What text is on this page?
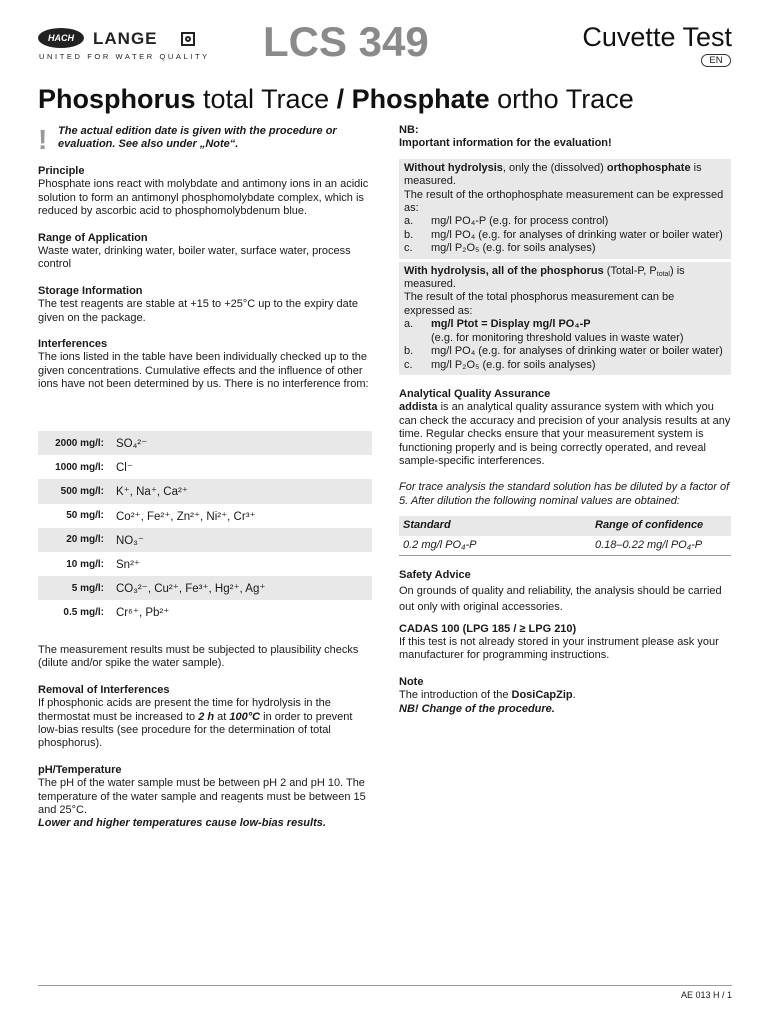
HACH LANGE
UNITED FOR WATER QUALITY LCS 349	Cuvette Test
EN
Phosphorus total Trace / Phosphate ortho Trace
! The actual edition date is given with the procedure or evaluation. See also under „Note“.

Principle

Phosphate ions react with molybdate and antimony ions in an acidic solution to form an antimonyl phosphomolybdate complex, which is reduced by ascorbic acid to phosphomolybdenum blue.

Range of Application

Waste water, drinking water, boiler water, surface water, process control

Storage Information

The test reagents are stable at +15 to +25°C up to the expiry date given on the package.

Interferences

The ions listed in the table have been individually checked up to the given concentrations. Cumulative effects and the influence of other ions have not been determined by us. There is no interference from:

2000 mg/l: SO₄²⁻
1000 mg/l: Cl⁻
500 mg/l: K⁺, Na⁺, Ca²⁺
50 mg/l: Co²⁺, Fe²⁺, Zn²⁺, Ni²⁺, Cr³⁺
20 mg/l: NO₃⁻
10 mg/l: Sn²⁺
5 mg/l: CO₃²⁻, Cu²⁺, Fe³⁺, Hg²⁺, Ag⁺
0.5 mg/l: Cr⁶⁺, Pb²⁺

The measurement results must be subjected to plausibility checks (dilute and/or spike the water sample).

Removal of Interferences

If phosphonic acids are present the time for hydrolysis in the thermostat must be increased to 2 h at 100°C in order to prevent low-bias results (see procedure for the determination of total phosphorus).

pH/Temperature

The pH of the water sample must be between pH 2 and pH 10. The temperature of the water sample and reagents must be between 15 and 25°C.

Lower and higher temperatures cause low-bias results.

NB:

Important information for the evaluation!

Without hydrolysis, only the (dissolved) orthophosphate is measured.

The result of the orthophosphate measurement can be expressed as:

a.	mg/l PO₄-P (e.g. for process control)
b.	mg/l PO₄ (e.g. for analyses of drinking water or boiler water)
c.	mg/l P₂O₅ (e.g. for soils analyses)

With hydrolysis, all of the phosphorus (Total-P, $P_{total}$) is measured.

The result of the total phosphorus measurement can be expressed as:

a.	mg/l Ptot = Display mg/l PO₄-P
(e.g. for monitoring threshold values in waste water)
b.	mg/l PO₄ (e.g. for analyses of drinking water or boiler water)
c.	mg/l P₂O₅ (e.g. for soils analyses)

Analytical Quality Assurance

addista is an analytical quality assurance system with which you can check the accuracy and precision of your analysis results at any time. Regular checks ensure that your measurement system is functioning properly and is being correctly operated, and reveal sample-specific interferences.

For trace analysis the standard solution has be diluted by a factor of 5. After dilution the following nominal values are obtained:

Standard	Range of confidence
0.2 mg/l PO₄-P	0.18–0.22 mg/l PO₄-P

Safety Advice

On grounds of quality and reliability, the analysis should be carried out only with original accessories.

CADAS 100 (LPG 185 / ≥ LPG 210)

If this test is not already stored in your instrument please ask your manufacturer for programming instructions.

Note

The introduction of the DosiCapZip.

NB! Change of the procedure.

AE 013 H / 1
